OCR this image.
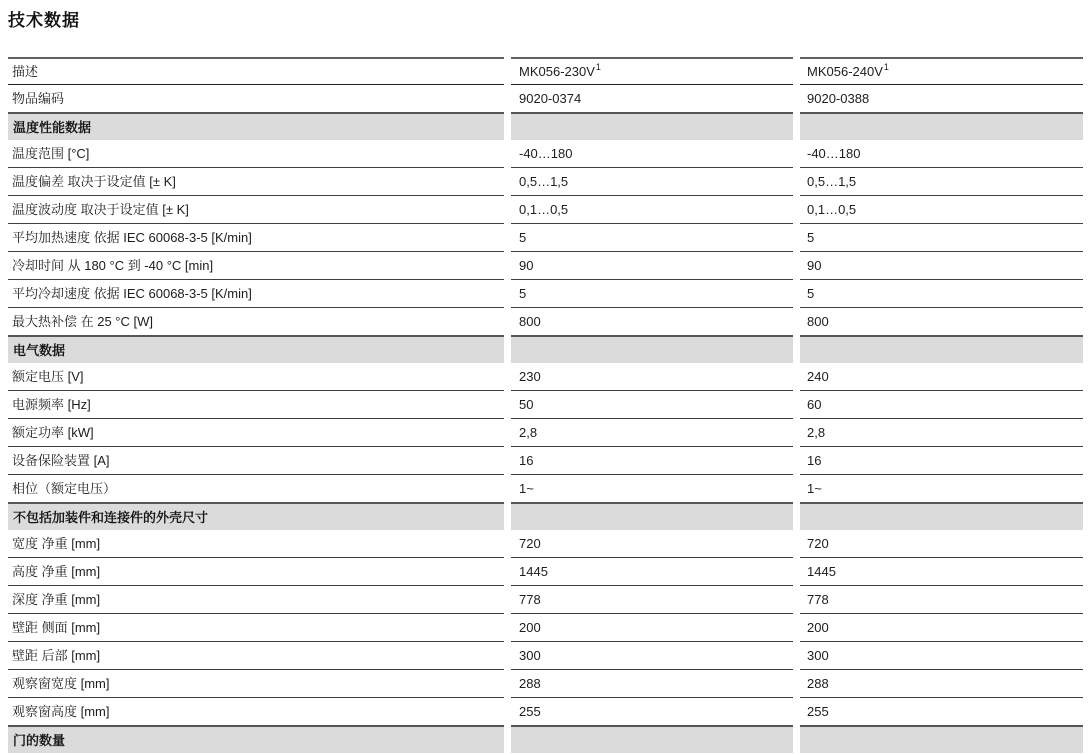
技术数据
描述	MK056-230V$^1$	MK056-240V$^1$
物品编码	9020-0374	9020-0388
温度性能数据
温度范围 [°C]	-40…180	-40…180
温度偏差 取决于设定值 [± K]	0,5…1,5	0,5…1,5
温度波动度 取决于设定值 [± K]	0,1…0,5	0,1…0,5
平均加热速度 依据 IEC 60068-3-5 [K/min]	5	5
冷却时间 从 180 °C 到 -40 °C [min]	90	90
平均冷却速度 依据 IEC 60068-3-5 [K/min]	5	5
最大热补偿 在 25 °C [W]	800	800
电气数据
额定电压 [V]	230	240
电源频率 [Hz]	50	60
额定功率 [kW]	2,8	2,8
设备保险装置 [A]	16	16
相位（额定电压）	1~	1~
不包括加装件和连接件的外壳尺寸
宽度 净重 [mm]	720	720
高度 净重 [mm]	1445	1445
深度 净重 [mm]	778	778
壁距 侧面 [mm]	200	200
壁距 后部 [mm]	300	300
观察窗宽度 [mm]	288	288
观察窗高度 [mm]	255	255
门的数量
